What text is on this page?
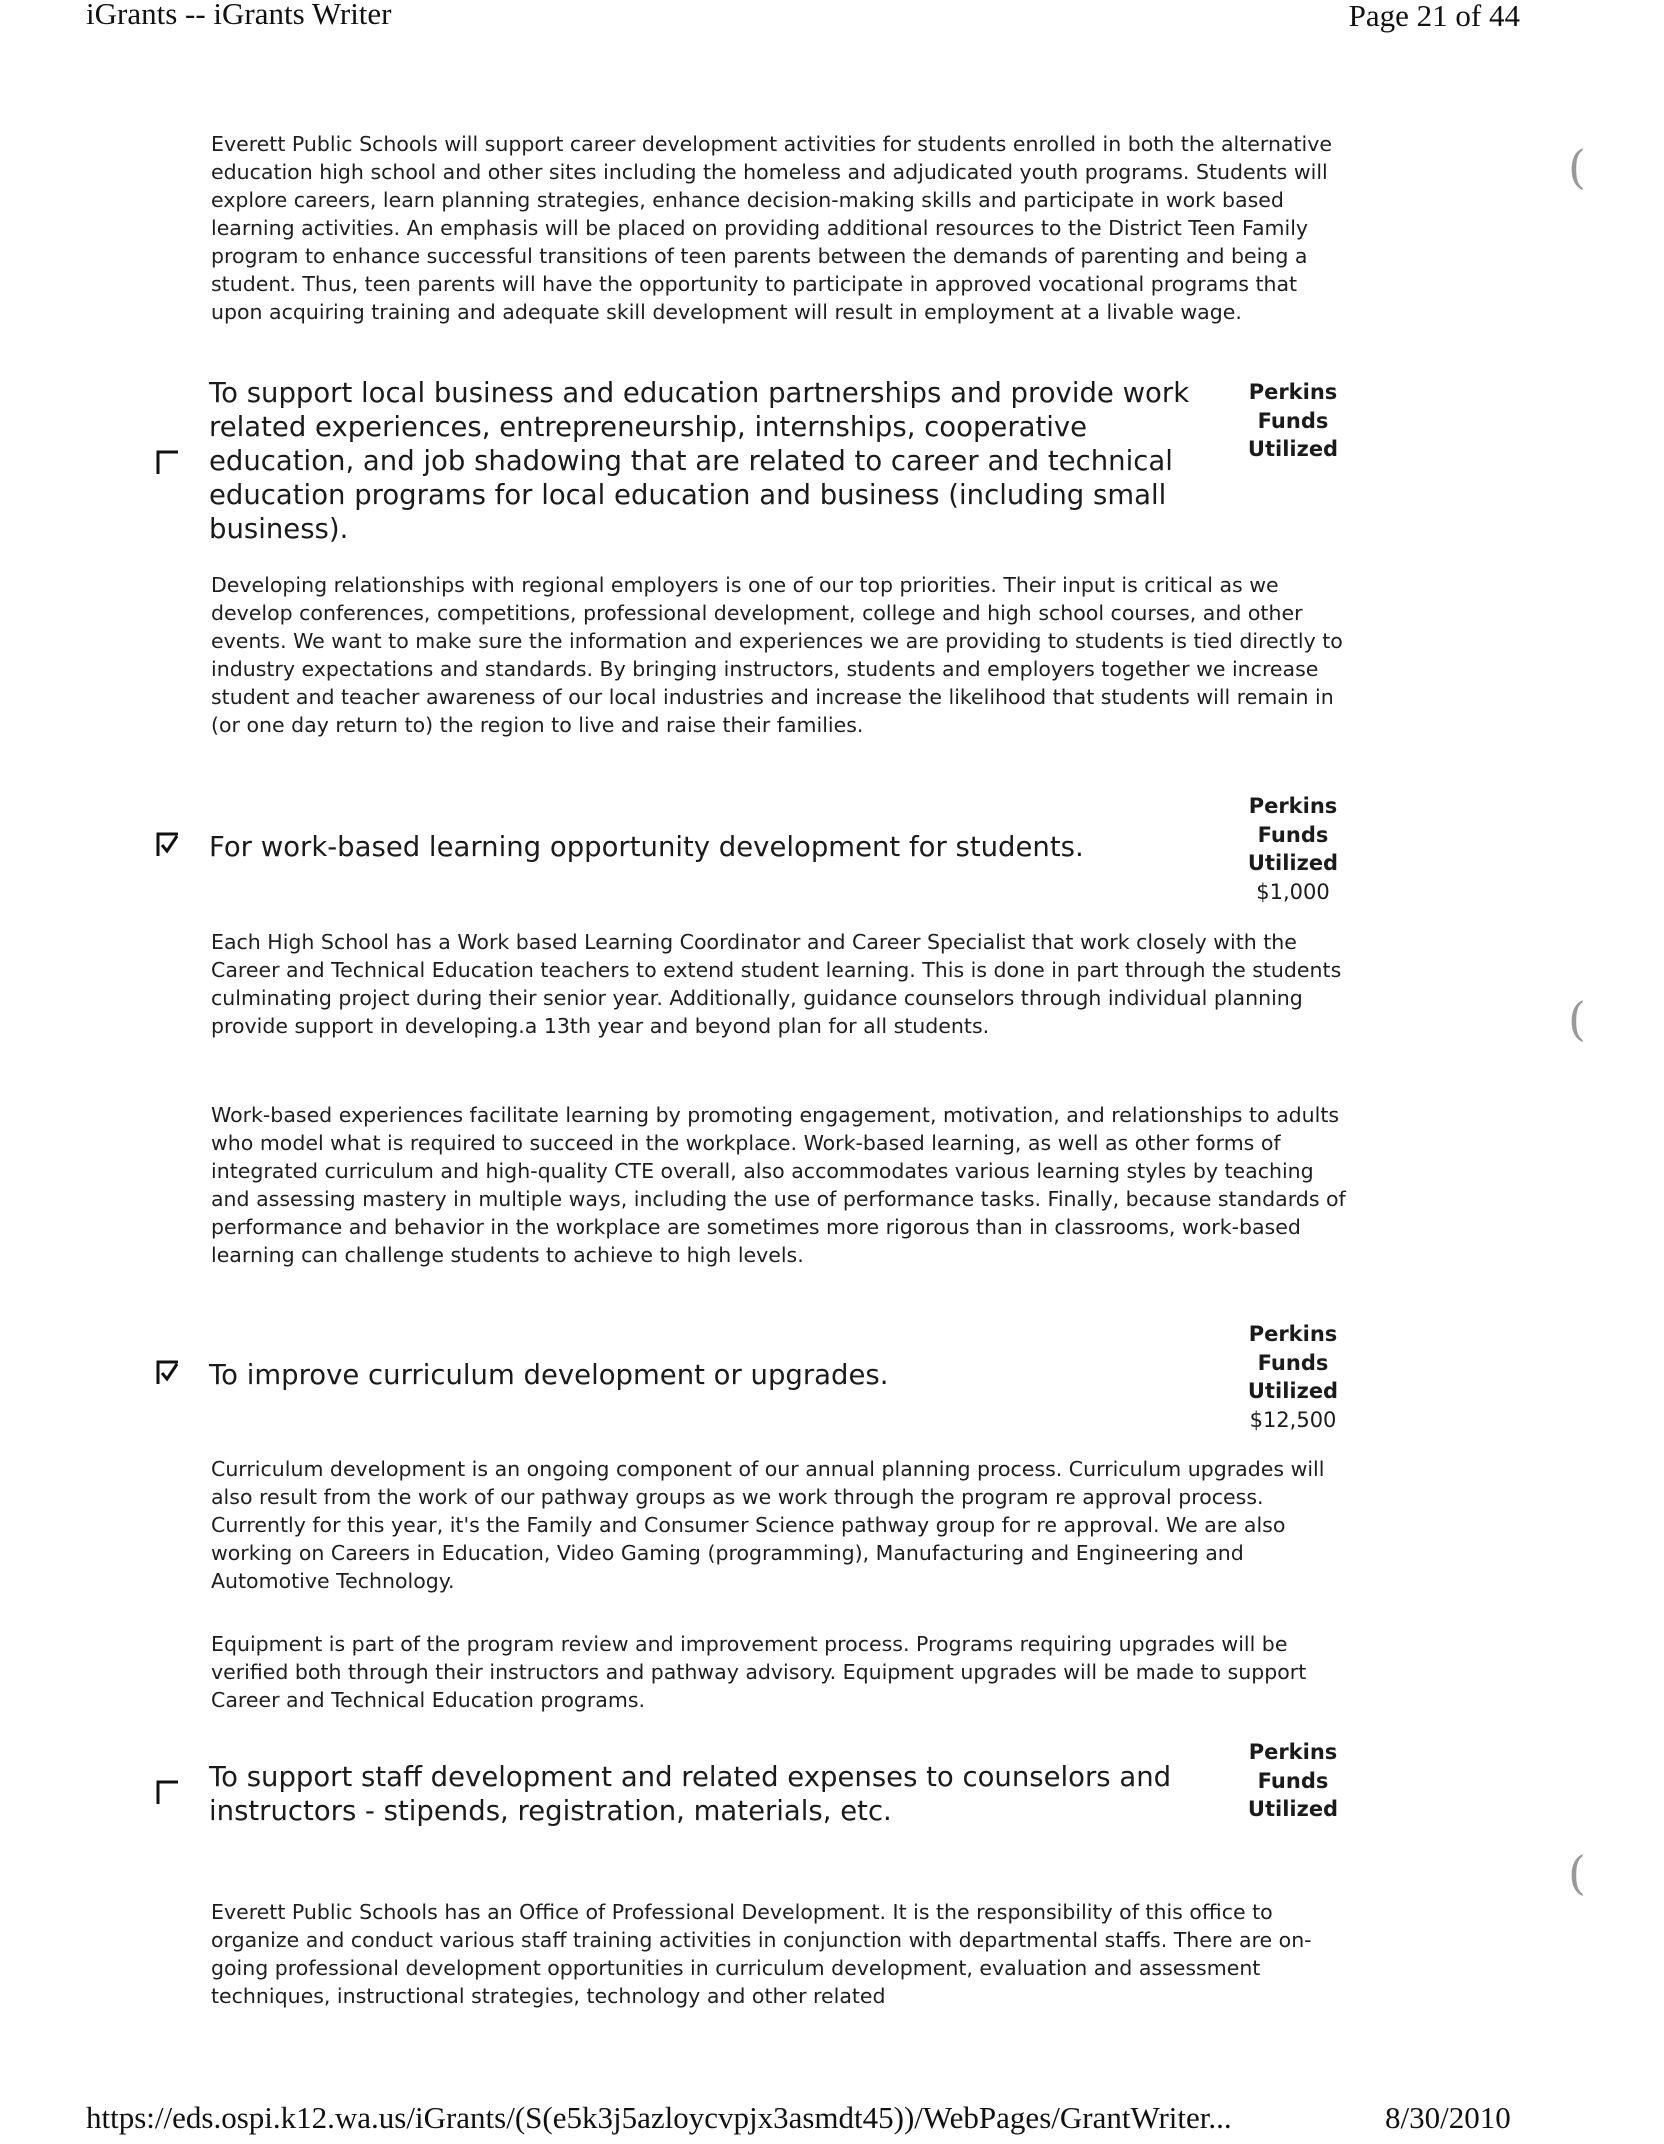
iGrants -- iGrants Writer	Page 21 of 44

Everett Public Schools will support career development activities for students enrolled in both the alternative education high school and other sites including the homeless and adjudicated youth programs. Students will explore careers, learn planning strategies, enhance decision-making skills and participate in work based learning activities. An emphasis will be placed on providing additional resources to the District Teen Family program to enhance successful transitions of teen parents between the demands of parenting and being a student. Thus, teen parents will have the opportunity to participate in approved vocational programs that upon acquiring training and adequate skill development will result in employment at a livable wage.

To support local business and education partnerships and provide work related experiences, entrepreneurship, internships, cooperative education, and job shadowing that are related to career and technical education programs for local education and business (including small business).

Perkins Funds Utilized

Developing relationships with regional employers is one of our top priorities. Their input is critical as we develop conferences, competitions, professional development, college and high school courses, and other events. We want to make sure the information and experiences we are providing to students is tied directly to industry expectations and standards. By bringing instructors, students and employers together we increase student and teacher awareness of our local industries and increase the likelihood that students will remain in (or one day return to) the region to live and raise their families.

For work-based learning opportunity development for students.

Perkins Funds Utilized
$1,000

Each High School has a Work based Learning Coordinator and Career Specialist that work closely with the Career and Technical Education teachers to extend student learning. This is done in part through the students culminating project during their senior year. Additionally, guidance counselors through individual planning provide support in developing.a 13th year and beyond plan for all students.

Work-based experiences facilitate learning by promoting engagement, motivation, and relationships to adults who model what is required to succeed in the workplace. Work-based learning, as well as other forms of integrated curriculum and high-quality CTE overall, also accommodates various learning styles by teaching and assessing mastery in multiple ways, including the use of performance tasks. Finally, because standards of performance and behavior in the workplace are sometimes more rigorous than in classrooms, work-based learning can challenge students to achieve to high levels.

To improve curriculum development or upgrades.

Perkins Funds Utilized
$12,500

Curriculum development is an ongoing component of our annual planning process. Curriculum upgrades will also result from the work of our pathway groups as we work through the program re approval process. Currently for this year, it's the Family and Consumer Science pathway group for re approval. We are also working on Careers in Education, Video Gaming (programming), Manufacturing and Engineering and Automotive Technology.

Equipment is part of the program review and improvement process. Programs requiring upgrades will be verified both through their instructors and pathway advisory. Equipment upgrades will be made to support Career and Technical Education programs.

To support staff development and related expenses to counselors and instructors - stipends, registration, materials, etc.

Perkins Funds Utilized

Everett Public Schools has an Office of Professional Development. It is the responsibility of this office to organize and conduct various staff training activities in conjunction with departmental staffs. There are on-going professional development opportunities in curriculum development, evaluation and assessment techniques, instructional strategies, technology and other related

(
(
(
https://eds.ospi.k12.wa.us/iGrants/(S(e5k3j5azloycvpjx3asmdt45))/WebPages/GrantWriter...	8/30/2010
